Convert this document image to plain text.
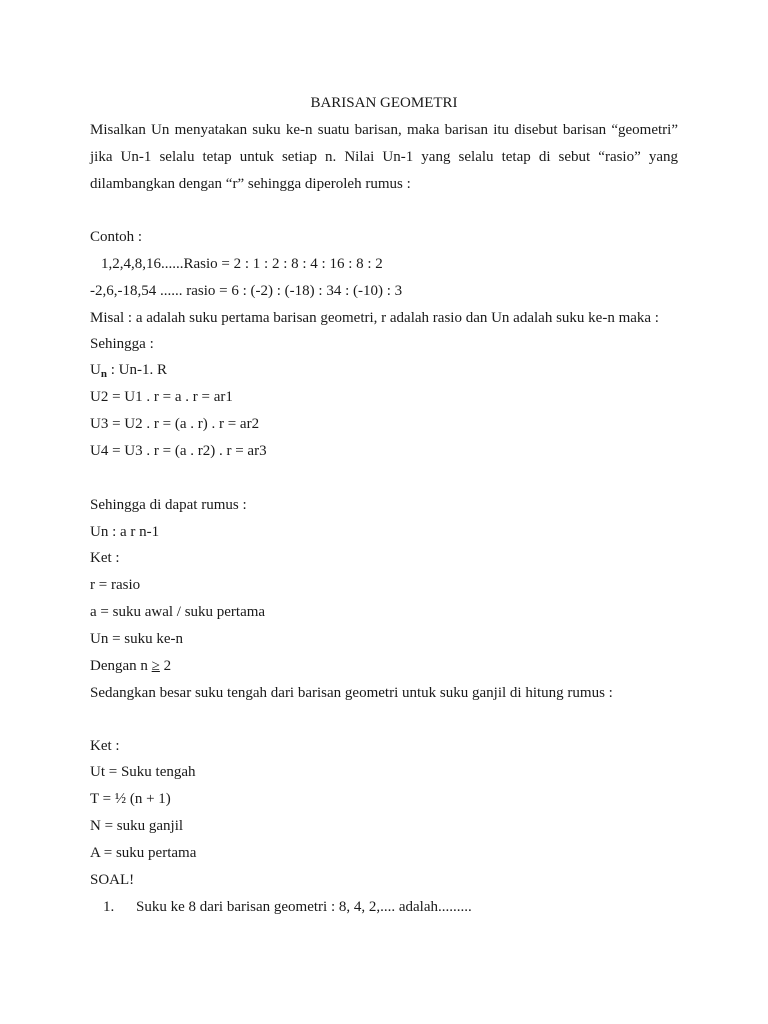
BARISAN GEOMETRI
Misalkan Un menyatakan suku ke-n suatu barisan, maka barisan itu disebut barisan “geometri”
jika Un-1 selalu tetap untuk setiap n. Nilai Un-1 yang selalu tetap di sebut “rasio” yang
dilambangkan dengan “r” sehingga diperoleh rumus :
Contoh :
1,2,4,8,16......Rasio = 2 : 1 : 2 : 8 : 4 : 16 : 8 : 2
-2,6,-18,54 ...... rasio = 6 : (-2) : (-18) : 34 : (-10) : 3
Misal : a adalah suku pertama barisan geometri, r adalah rasio dan Un adalah suku ke-n maka :
Sehingga :
$U_n$ : Un-1. R
U2 = U1 . r = a . r = ar1
U3 = U2 . r = (a . r) . r = ar2
U4 = U3 . r = (a . r2) . r = ar3
Sehingga di dapat rumus :
Un : a r n-1
Ket :
r = rasio
a = suku awal / suku pertama
Un = suku ke-n
Dengan n ≥ 2
Sedangkan besar suku tengah dari barisan geometri untuk suku ganjil di hitung rumus :
Ket :
Ut = Suku tengah
T = ½ (n + 1)
N = suku ganjil
A = suku pertama
SOAL!
1. Suku ke 8 dari barisan geometri : 8, 4, 2,.... adalah.........
